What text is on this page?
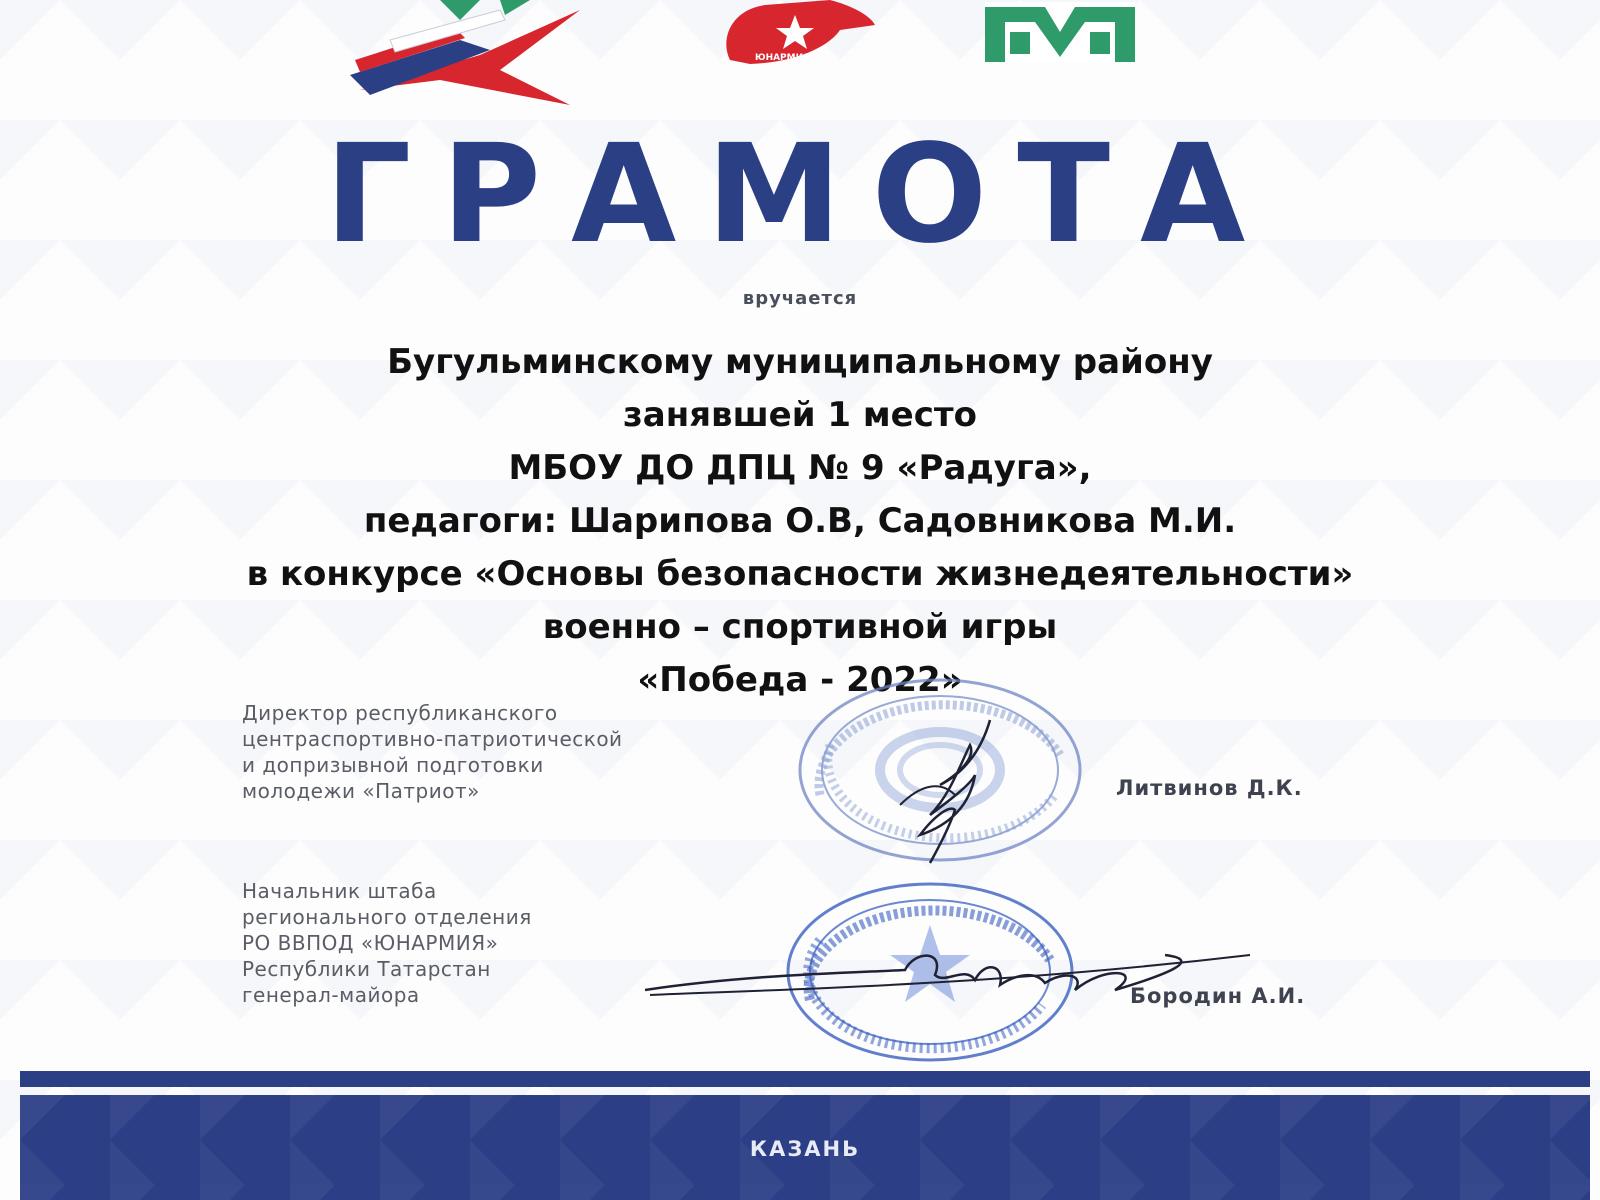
ЮНАРМИЯ
ГРАМОТА
вручается
Бугульминскому муниципальному району
занявшей 1 место
МБОУ ДО ДПЦ № 9 «Радуга»,
педагоги: Шарипова О.В, Садовникова М.И.
в конкурсе «Основы безопасности жизнедеятельности»
военно – спортивной игры
«Победа - 2022»
Директор республиканского
центраспортивно-патриотической
и допризывной подготовки
молодежи «Патриот»	Литвинов Д.К.
Начальник штаба
регионального отделения
РО ВВПОД «ЮНАРМИЯ»
Республики Татарстан
генерал-майора	Бородин А.И.
КАЗАНЬ
